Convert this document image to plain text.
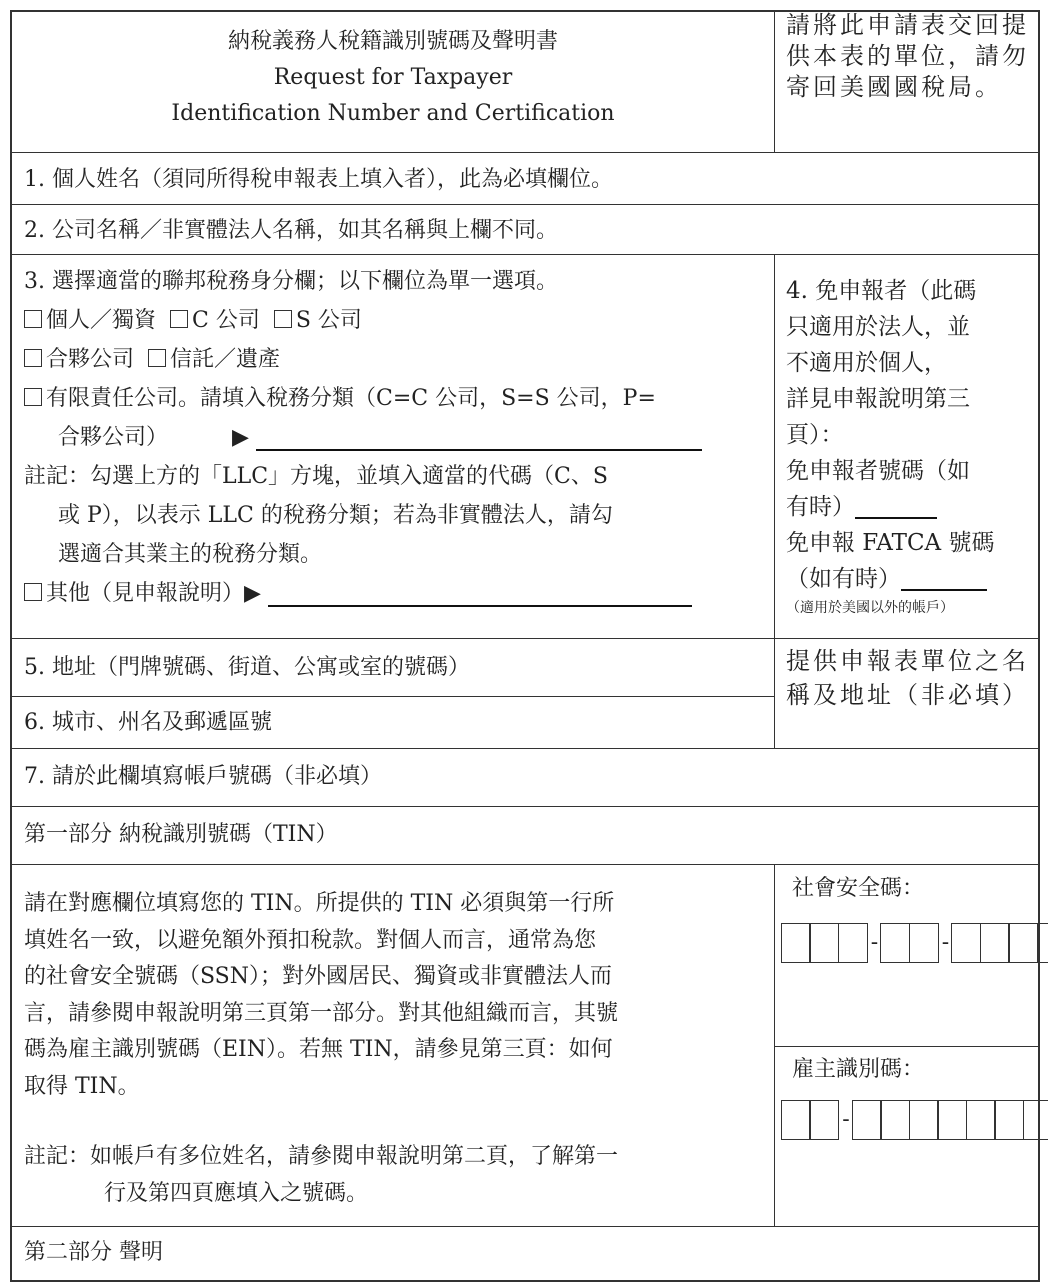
納稅義務人稅籍識別號碼及聲明書
Request for Taxpayer
Identification Number and Certification
請將此申請表交回提供本表的單位，請勿寄回美國國稅局。
1. 個人姓名（須同所得稅申報表上填入者），此為必填欄位。
2. 公司名稱／非實體法人名稱，如其名稱與上欄不同。
3. 選擇適當的聯邦稅務身分欄；以下欄位為單一選項。
個人／獨資 C 公司 S 公司
合夥公司 信託／遺產
有限責任公司。請填入稅務分類（C=C 公司，S=S 公司，P=
合夥公司）	▶
註記：勾選上方的「LLC」方塊，並填入適當的代碼（C、S
或 P），以表示 LLC 的稅務分類；若為非實體法人，請勾
選適合其業主的稅務分類。
其他（見申報說明）▶
4. 免申報者（此碼
只適用於法人，並
不適用於個人，
詳見申報說明第三
頁）：
免申報者號碼（如
有時）
免申報 FATCA 號碼
（如有時）
（適用於美國以外的帳戶）
5. 地址（門牌號碼、街道、公寓或室的號碼）
6. 城市、州名及郵遞區號
提供申報表單位之名稱及地址（非必填）
7. 請於此欄填寫帳戶號碼（非必填）
第一部分 納稅識別號碼（TIN）
請在對應欄位填寫您的 TIN。所提供的 TIN 必須與第一行所
填姓名一致，以避免額外預扣稅款。對個人而言，通常為您
的社會安全號碼（SSN）；對外國居民、獨資或非實體法人而
言，請參閱申報說明第三頁第一部分。對其他組織而言，其號
碼為雇主識別號碼（EIN）。若無 TIN，請參見第三頁：如何
取得 TIN。
註記：如帳戶有多位姓名，請參閱申報說明第二頁，了解第一
行及第四頁應填入之號碼。
社會安全碼：
-	-
雇主識別碼：
-
第二部分 聲明
